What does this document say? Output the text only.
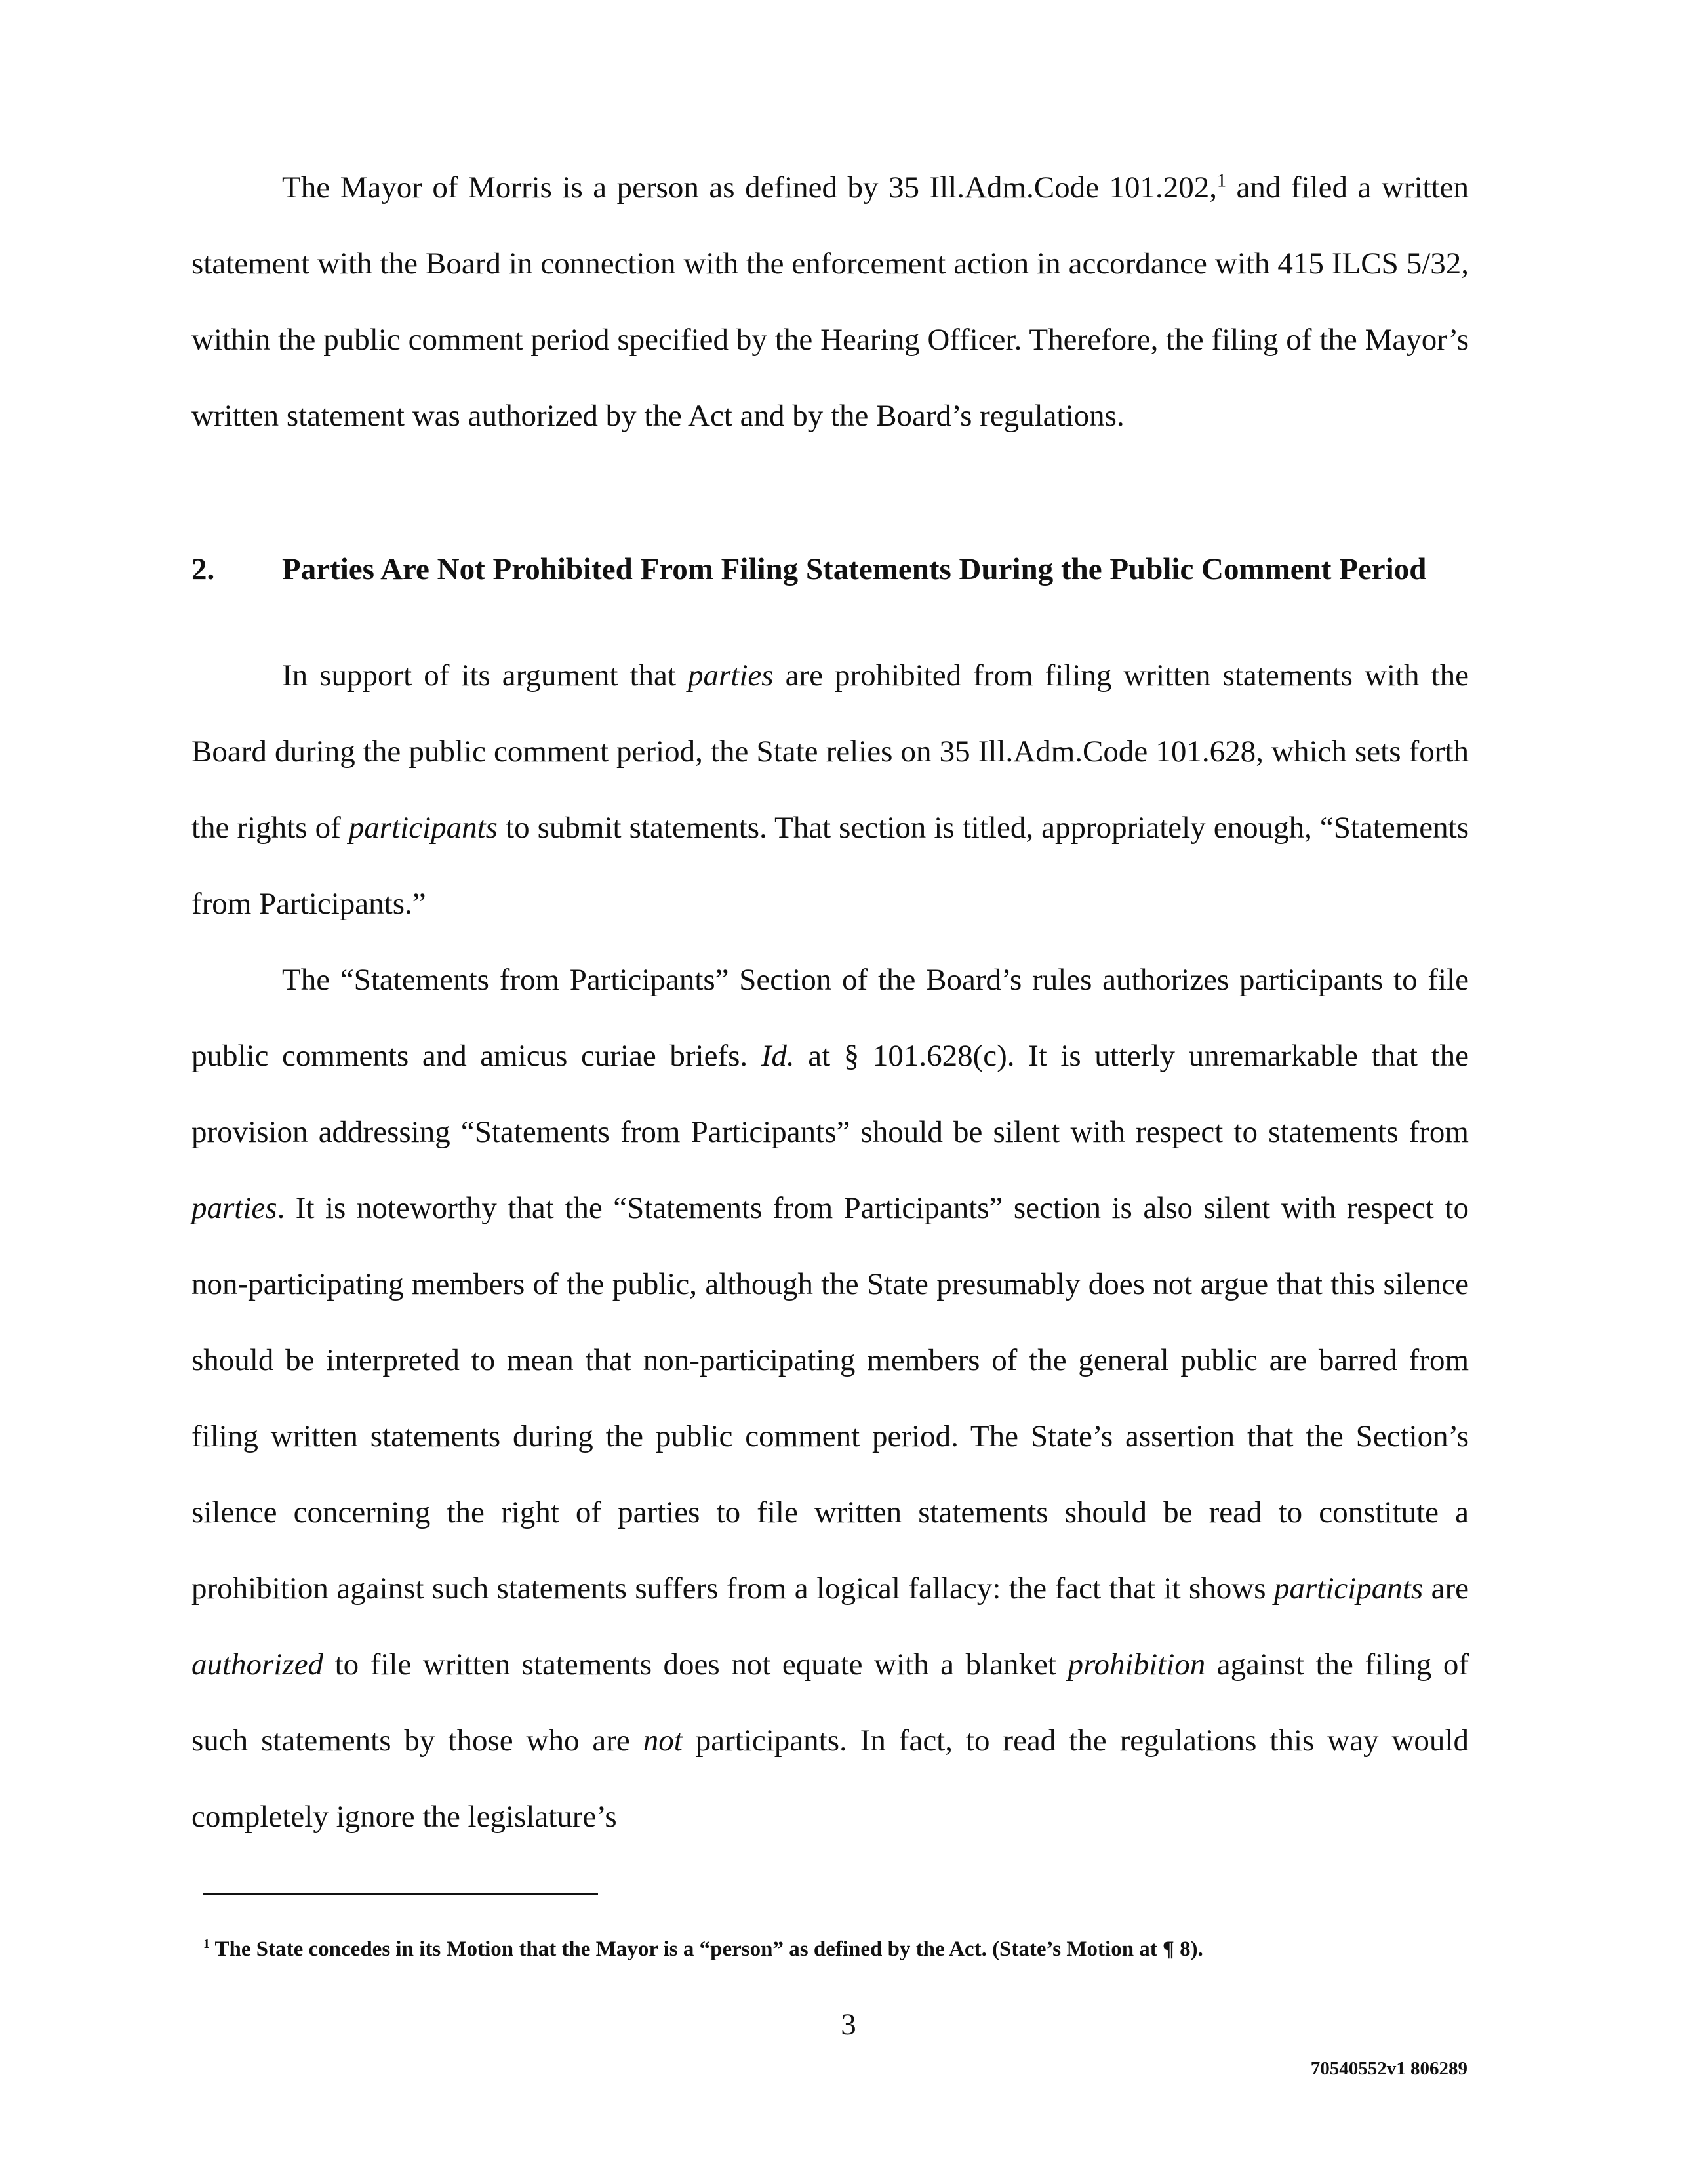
The Mayor of Morris is a person as defined by 35 Ill.Adm.Code 101.202,$^1$ and filed a written statement with the Board in connection with the enforcement action in accordance with 415 ILCS 5/32, within the public comment period specified by the Hearing Officer. Therefore, the filing of the Mayor’s written statement was authorized by the Act and by the Board’s regulations.

2. Parties Are Not Prohibited From Filing Statements During the Public Comment Period

In support of its argument that parties are prohibited from filing written statements with the Board during the public comment period, the State relies on 35 Ill.Adm.Code 101.628, which sets forth the rights of participants to submit statements. That section is titled, appropriately enough, “Statements from Participants.”

The “Statements from Participants” Section of the Board’s rules authorizes participants to file public comments and amicus curiae briefs. Id. at § 101.628(c). It is utterly unremarkable that the provision addressing “Statements from Participants” should be silent with respect to statements from parties. It is noteworthy that the “Statements from Participants” section is also silent with respect to non-participating members of the public, although the State presumably does not argue that this silence should be interpreted to mean that non-participating members of the general public are barred from filing written statements during the public comment period. The State’s assertion that the Section’s silence concerning the right of parties to file written statements should be read to constitute a prohibition against such statements suffers from a logical fallacy: the fact that it shows participants are authorized to file written statements does not equate with a blanket prohibition against the filing of such statements by those who are not participants. In fact, to read the regulations this way would completely ignore the legislature’s

$^1$ The State concedes in its Motion that the Mayor is a “person” as defined by the Act. (State’s Motion at ¶ 8).
3
70540552v1 806289
